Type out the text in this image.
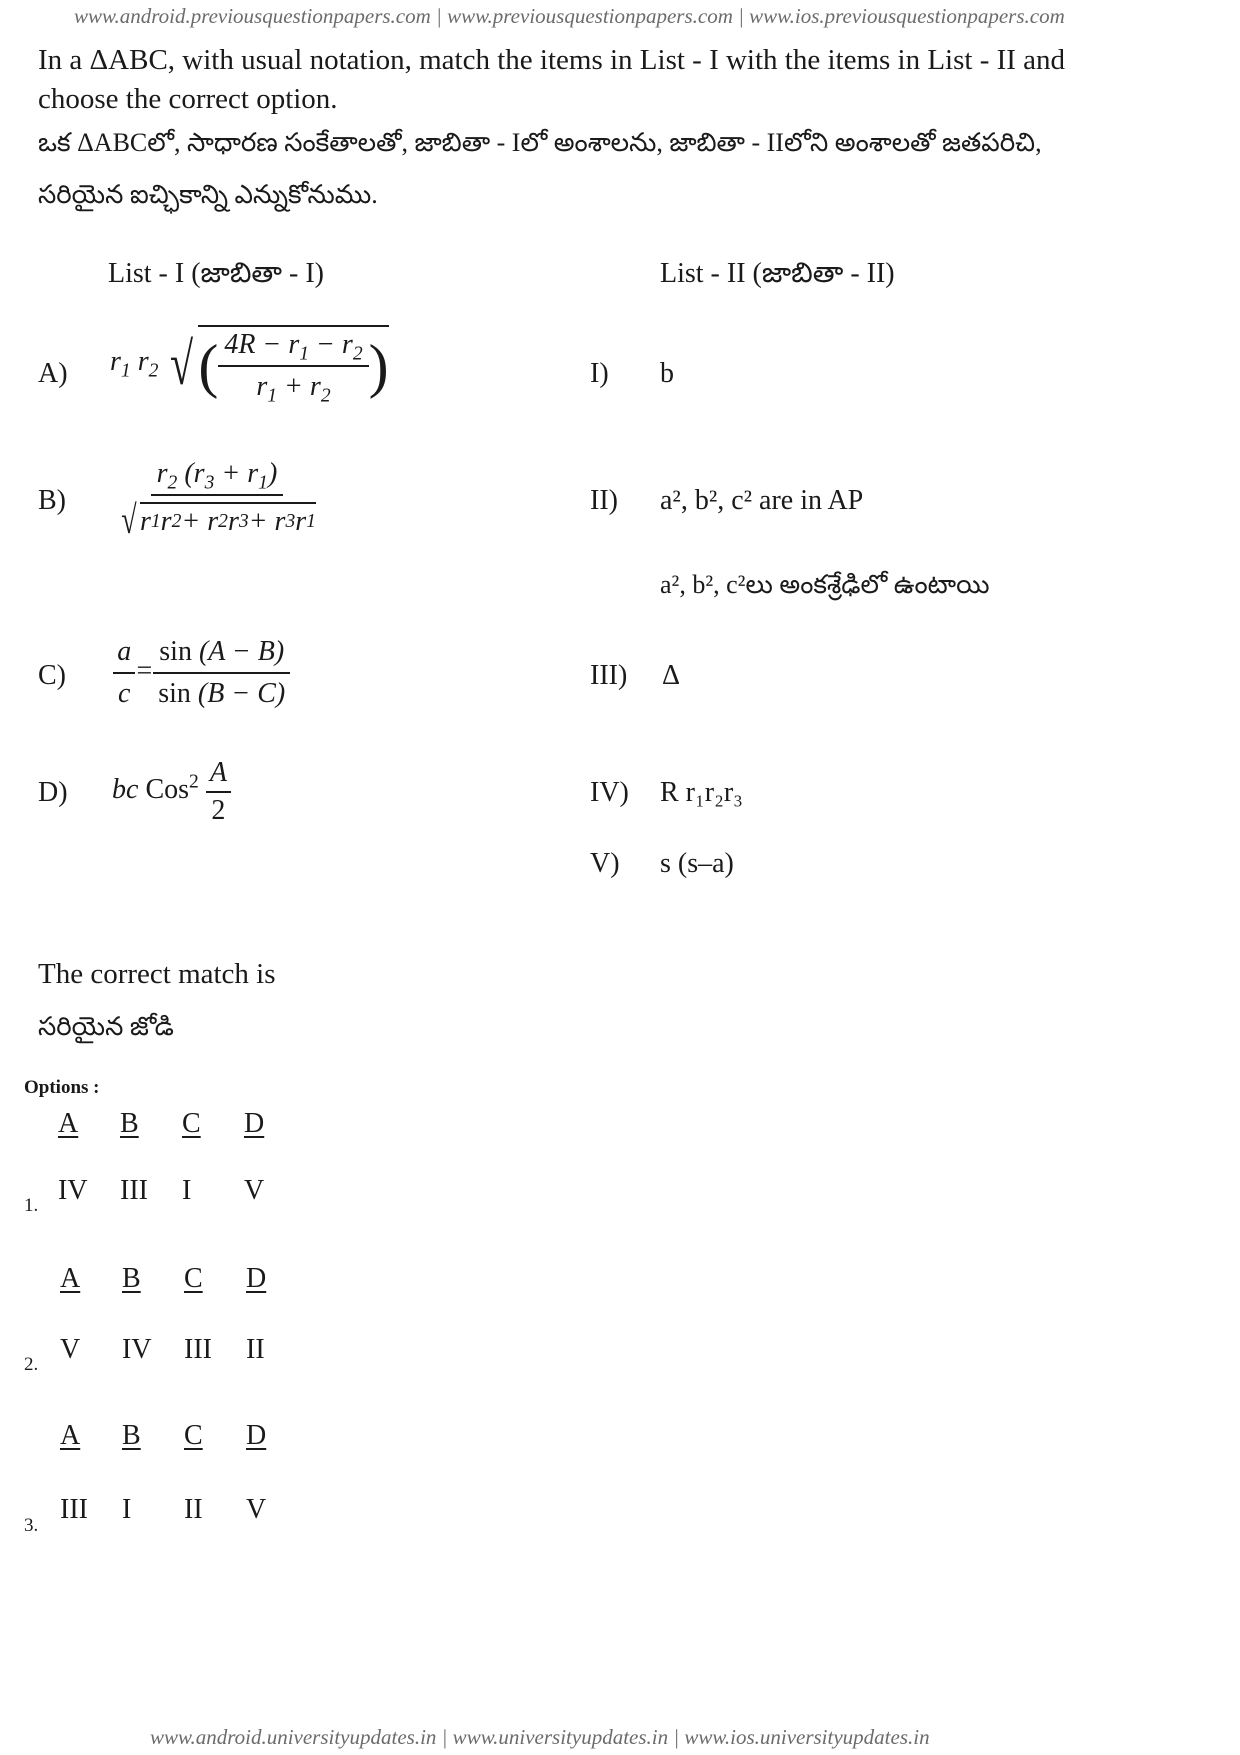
www.android.previousquestionpapers.com | www.previousquestionpapers.com | www.ios.previousquestionpapers.com
In a ΔABC, with usual notation, match the items in List - I with the items in List - II and
choose the correct option.
ఒక ΔABCలో, సాధారణ సంకేతాలతో, జాబితా - Iలో అంశాలను, జాబితా - IIలోని అంశాలతో జతపరిచి,
సరియైన ఐచ్ఛికాన్ని ఎన్నుకోనుము.
List - I (జాబితా - I)	List - II (జాబితా - II)
A) $r_1$ $r_2$ √ ( $\frac{4R - r_1 - r_2}{r_1 + r_2}$ )
$B) \frac{r_2 (r_3 + r_1)}{√ r 1 r 2 + r 2 r 3 + r 3 r 1}$
$C) \frac{a}{c} = \frac{\sin (A - B)}{\sin (B - C)}$
D) bc $Cos^2 \frac{A}{2}$
I) b
II) a², b², c² are in AP
a², b², c²లు అంకశ్రేఢిలో ఉంటాయి
III) Δ
IV) R r₁r₂r₃
V) s (s–a)
The correct match is
సరియైన జోడి
Options :
A B C D
1. IV III I V
A B C D
2. V IV III II
A B C D
3.
III I II V
www.android.universityupdates.in | www.universityupdates.in | www.ios.universityupdates.in
